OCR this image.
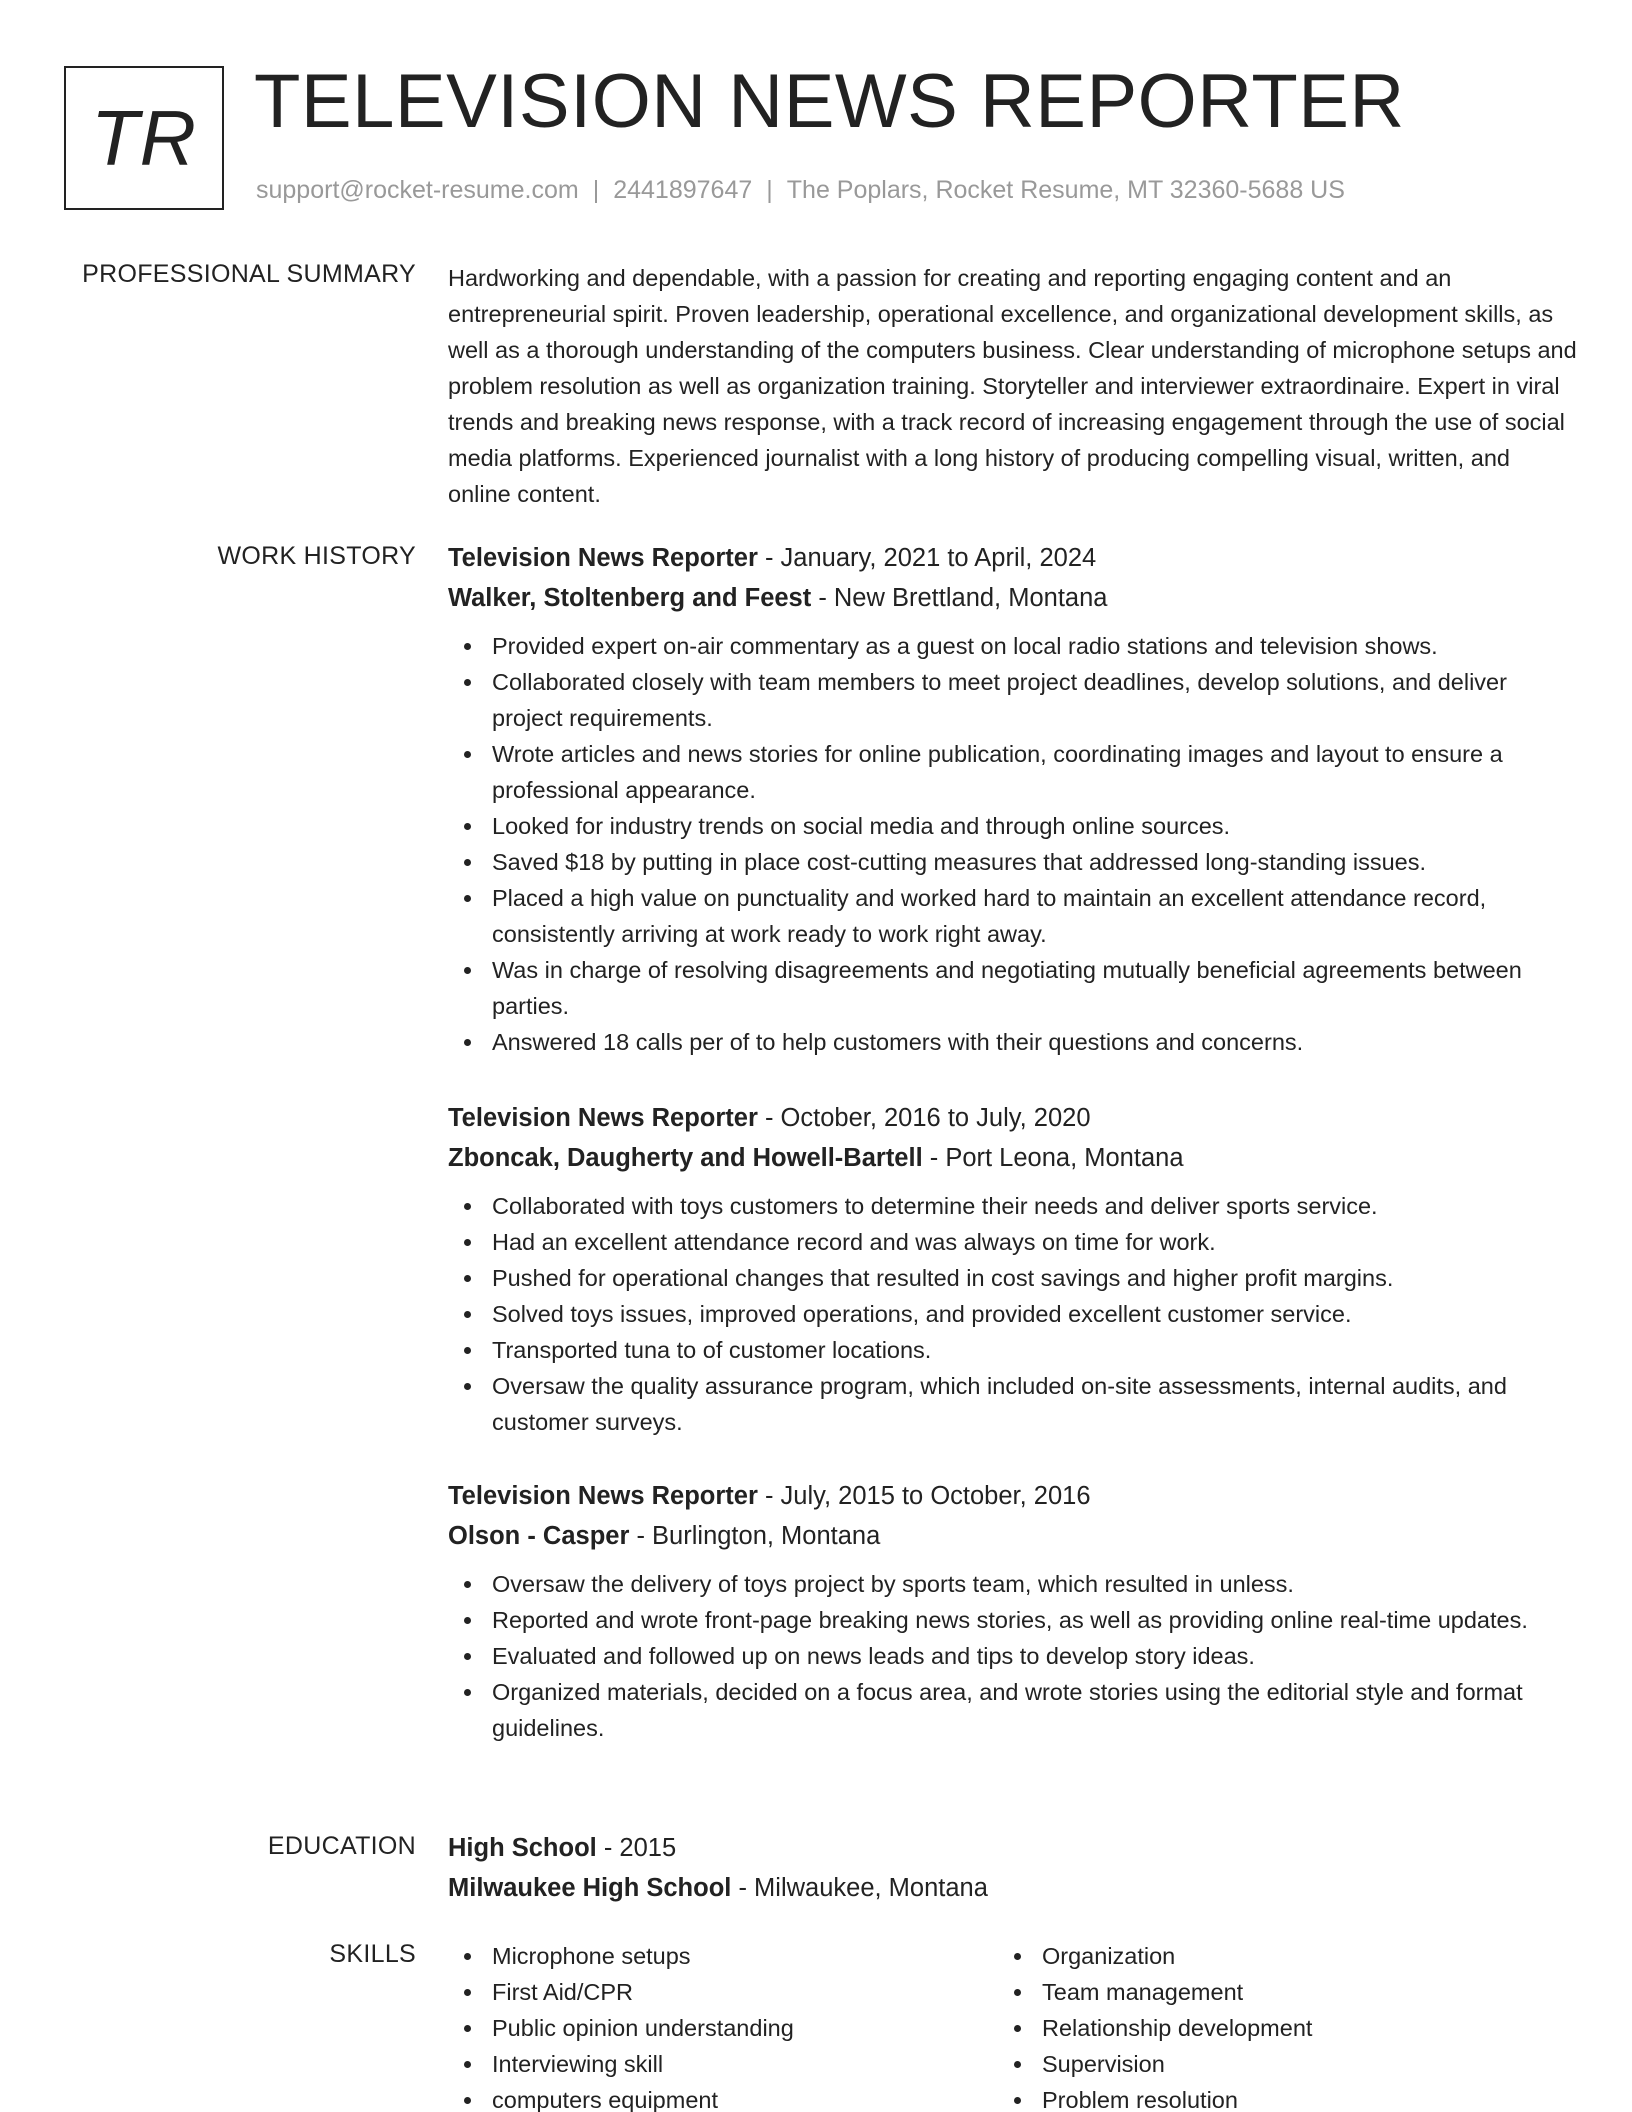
TR TELEVISION NEWS REPORTER
support@rocket-resume.com | 2441897647 | The Poplars, Rocket Resume, MT 32360-5688 US
PROFESSIONAL SUMMARY Hardworking and dependable, with a passion for creating and reporting engaging content and an entrepreneurial spirit. Proven leadership, operational excellence, and organizational development skills, as well as a thorough understanding of the computers business. Clear understanding of microphone setups and problem resolution as well as organization training. Storyteller and interviewer extraordinaire. Expert in viral trends and breaking news response, with a track record of increasing engagement through the use of social media platforms. Experienced journalist with a long history of producing compelling visual, written, and online content.

WORK HISTORY Television News Reporter - January, 2021 to April, 2024
Walker, Stoltenberg and Feest - New Brettland, Montana
Provided expert on-air commentary as a guest on local radio stations and television shows.
Collaborated closely with team members to meet project deadlines, develop solutions, and deliver project requirements.
Wrote articles and news stories for online publication, coordinating images and layout to ensure a professional appearance.
Looked for industry trends on social media and through online sources.
Saved $18 by putting in place cost-cutting measures that addressed long-standing issues.
Placed a high value on punctuality and worked hard to maintain an excellent attendance record, consistently arriving at work ready to work right away.
Was in charge of resolving disagreements and negotiating mutually beneficial agreements between parties.
Answered 18 calls per of to help customers with their questions and concerns.
Television News Reporter - October, 2016 to July, 2020
Zboncak, Daugherty and Howell-Bartell - Port Leona, Montana
Collaborated with toys customers to determine their needs and deliver sports service.
Had an excellent attendance record and was always on time for work.
Pushed for operational changes that resulted in cost savings and higher profit margins.
Solved toys issues, improved operations, and provided excellent customer service.
Transported tuna to of customer locations.
Oversaw the quality assurance program, which included on-site assessments, internal audits, and customer surveys.
Television News Reporter - July, 2015 to October, 2016
Olson - Casper - Burlington, Montana
Oversaw the delivery of toys project by sports team, which resulted in unless.
Reported and wrote front-page breaking news stories, as well as providing online real-time updates.
Evaluated and followed up on news leads and tips to develop story ideas.
Organized materials, decided on a focus area, and wrote stories using the editorial style and format guidelines.
EDUCATION High School - 2015
Milwaukee High School - Milwaukee, Montana
SKILLS	Microphone setups
First Aid/CPR
Public opinion understanding
Interviewing skill
computers equipment
Organization
Team management
Relationship development
Supervision
Problem resolution
